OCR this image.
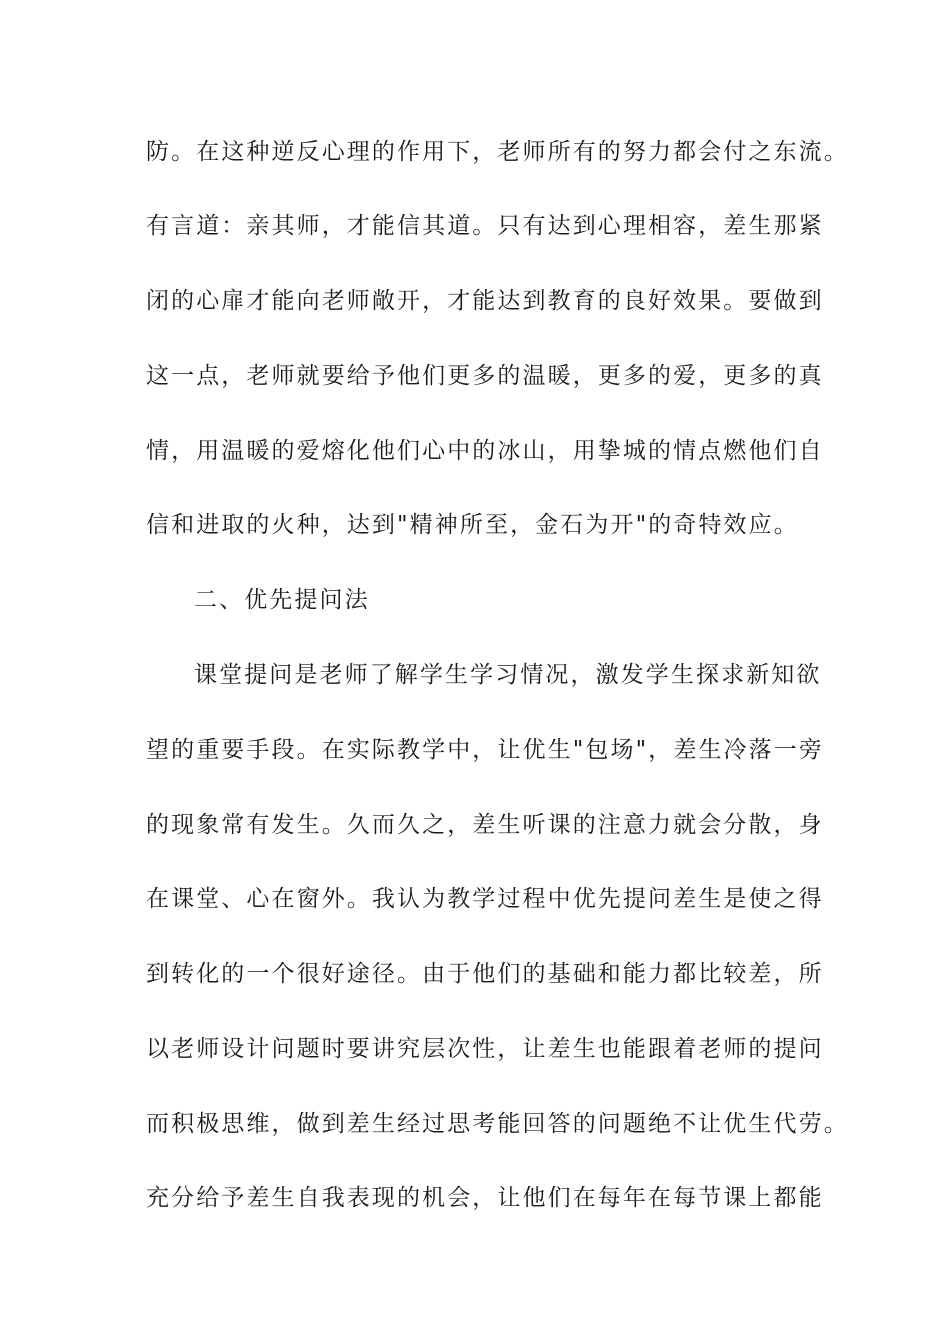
防。在这种逆反心理的作用下，老师所有的努力都会付之东流。
有言道：亲其师，才能信其道。只有达到心理相容，差生那紧
闭的心扉才能向老师敞开，才能达到教育的良好效果。要做到
这一点，老师就要给予他们更多的温暖，更多的爱，更多的真
情，用温暖的爱熔化他们心中的冰山，用挚城的情点燃他们自
信和进取的火种，达到"精神所至，金石为开"的奇特效应。
二、优先提问法
课堂提问是老师了解学生学习情况，激发学生探求新知欲
望的重要手段。在实际教学中，让优生"包场"，差生冷落一旁
的现象常有发生。久而久之，差生听课的注意力就会分散，身
在课堂、心在窗外。我认为教学过程中优先提问差生是使之得
到转化的一个很好途径。由于他们的基础和能力都比较差，所
以老师设计问题时要讲究层次性，让差生也能跟着老师的提问
而积极思维，做到差生经过思考能回答的问题绝不让优生代劳。
充分给予差生自我表现的机会，让他们在每年在每节课上都能
